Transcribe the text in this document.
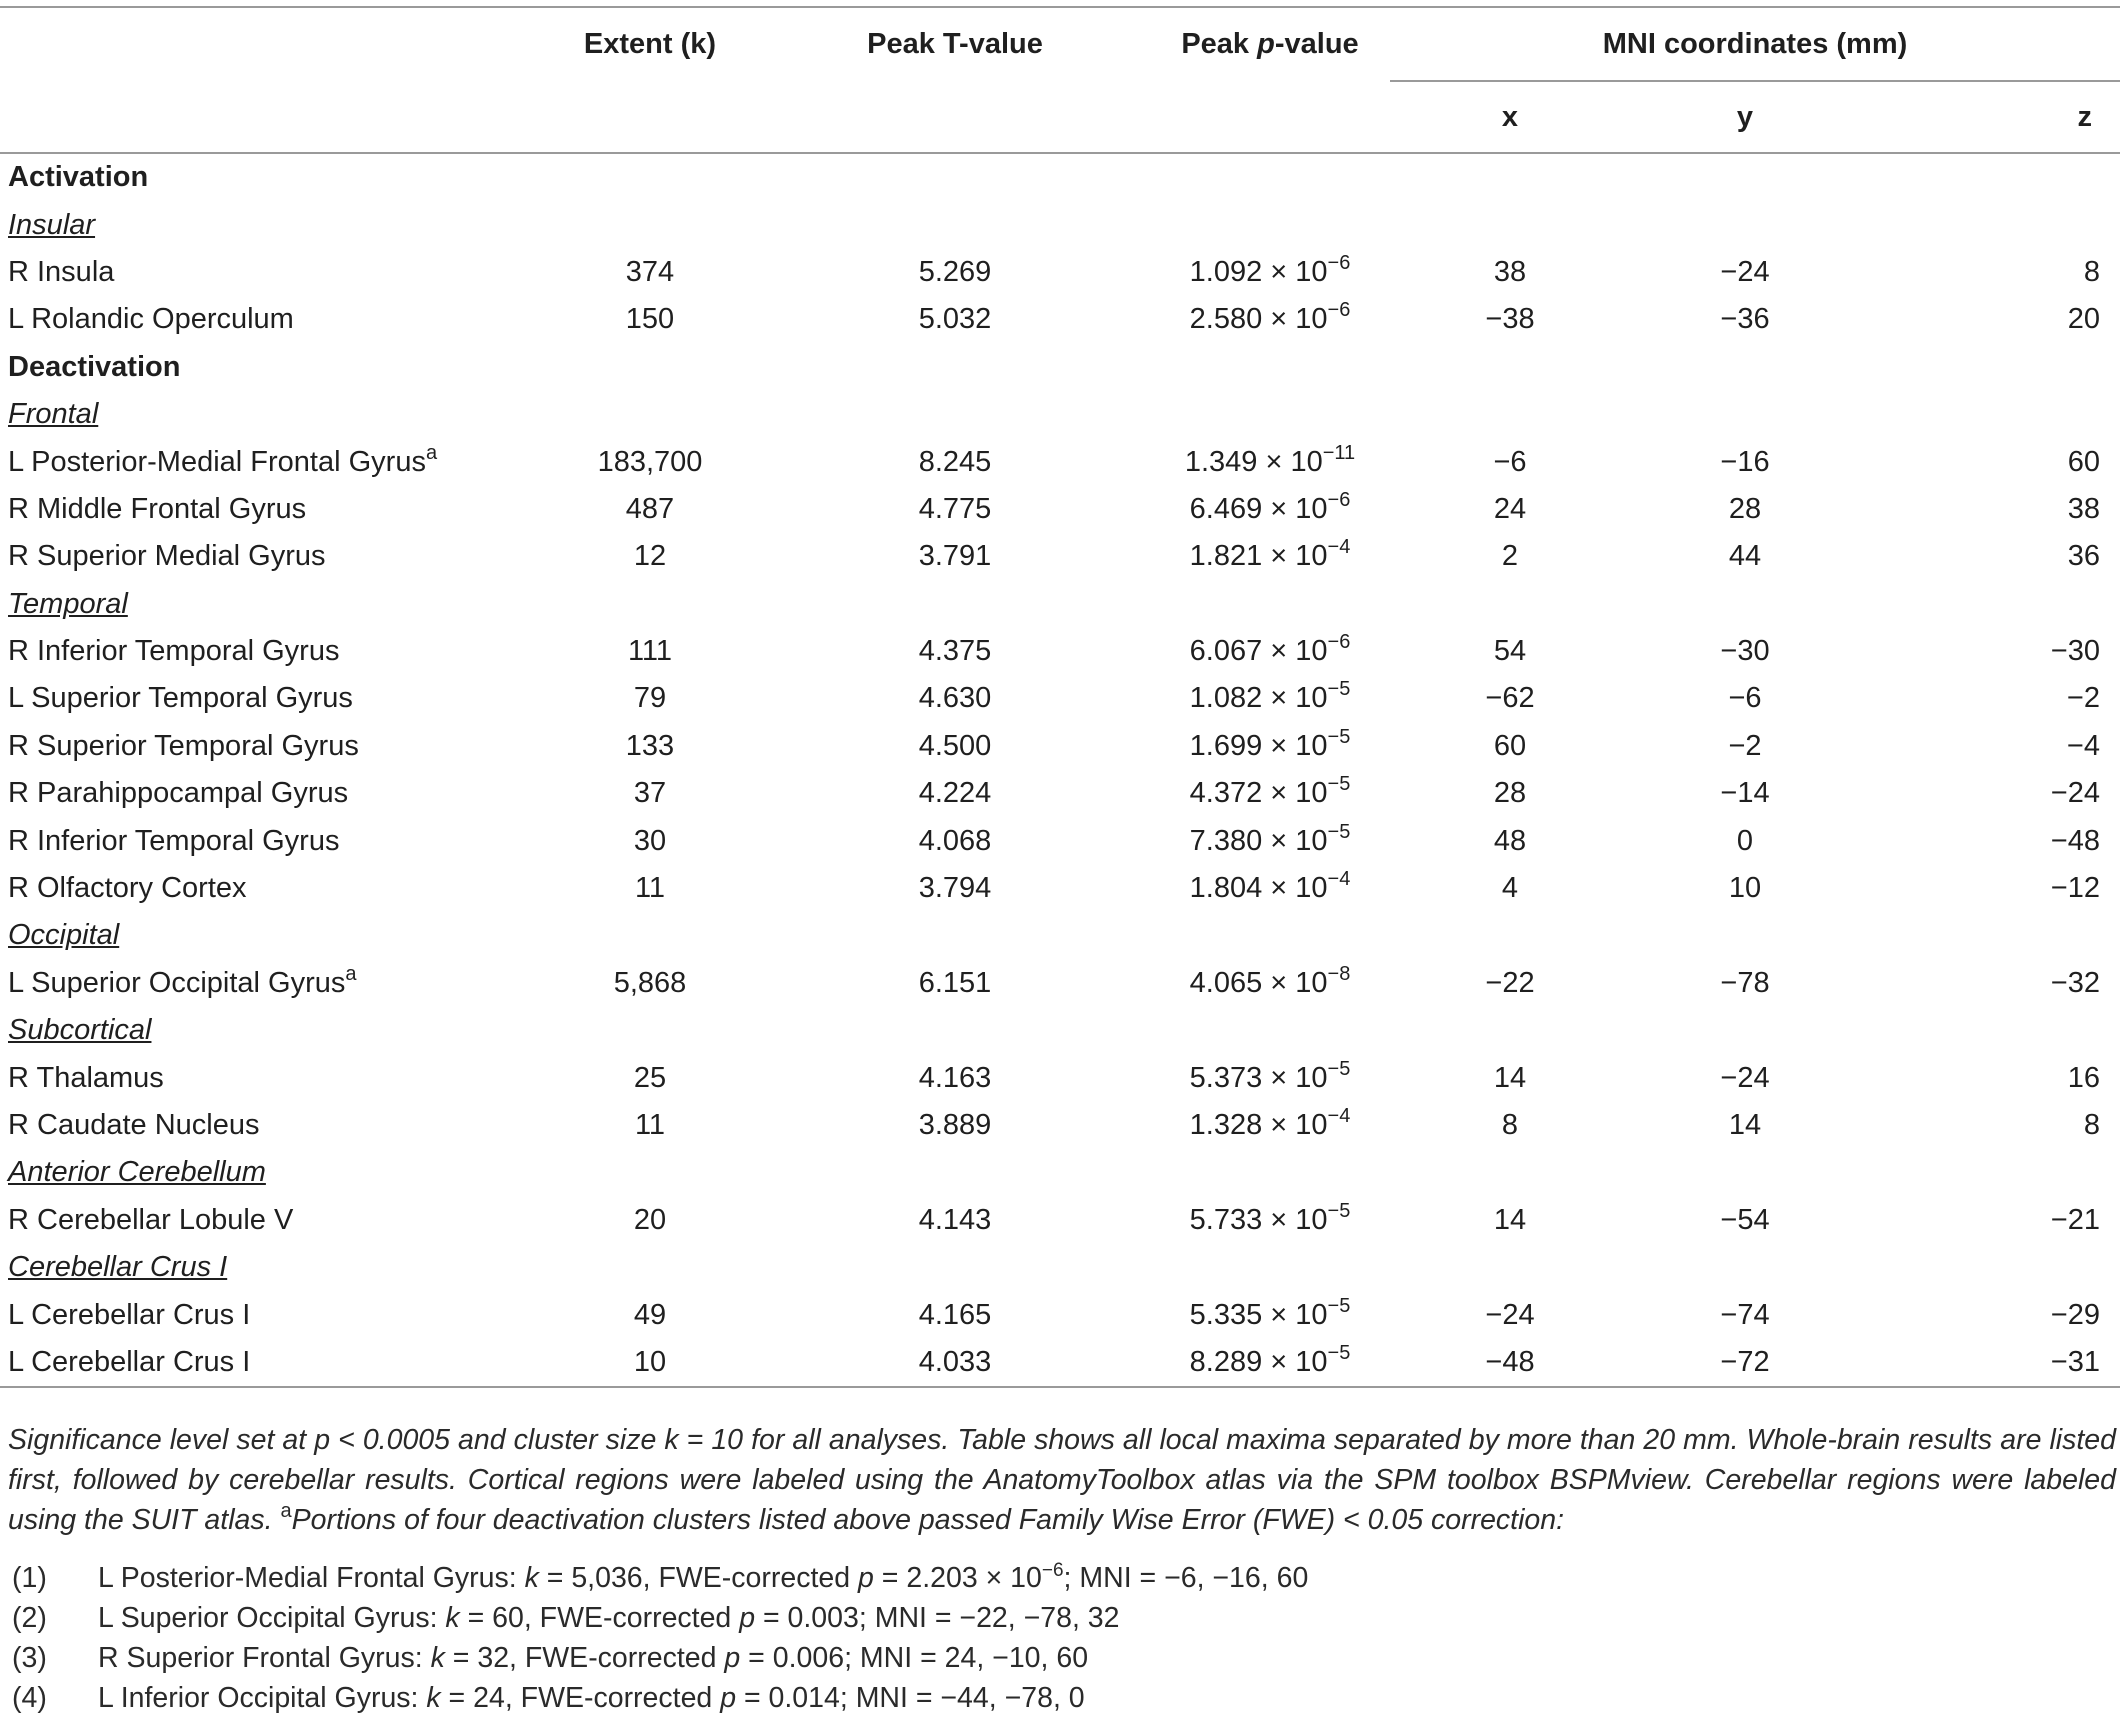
	Extent (k)	Peak T-value	Peak p-value	MNI coordinates (mm)		
				x	y	z

Activation						
Insular						
R Insula	374	5.269	$1.092 \times 10^{-6}$	38	−24	8
L Rolandic Operculum	150	5.032	$2.580 \times 10^{-6}$	−38	−36	20
Deactivation						
Frontal						
L Posterior-Medial Frontal Gyrus$^a$	183,700	8.245	$1.349 \times 10^{-11}$	−6	−16	60
R Middle Frontal Gyrus	487	4.775	$6.469 \times 10^{-6}$	24	28	38
R Superior Medial Gyrus	12	3.791	$1.821 \times 10^{-4}$	2	44	36
Temporal						
R Inferior Temporal Gyrus	111	4.375	$6.067 \times 10^{-6}$	54	−30	−30
L Superior Temporal Gyrus	79	4.630	$1.082 \times 10^{-5}$	−62	−6	−2
R Superior Temporal Gyrus	133	4.500	$1.699 \times 10^{-5}$	60	−2	−4
R Parahippocampal Gyrus	37	4.224	$4.372 \times 10^{-5}$	28	−14	−24
R Inferior Temporal Gyrus	30	4.068	$7.380 \times 10^{-5}$	48	0	−48
R Olfactory Cortex	11	3.794	$1.804 \times 10^{-4}$	4	10	−12
Occipital						
L Superior Occipital Gyrus$^a$	5,868	6.151	$4.065 \times 10^{-8}$	−22	−78	−32
Subcortical						
R Thalamus	25	4.163	$5.373 \times 10^{-5}$	14	−24	16
R Caudate Nucleus	11	3.889	$1.328 \times 10^{-4}$	8	14	8
Anterior Cerebellum						
R Cerebellar Lobule V	20	4.143	$5.733 \times 10^{-5}$	14	−54	−21
Cerebellar Crus I						
L Cerebellar Crus I	49	4.165	$5.335 \times 10^{-5}$	−24	−74	−29
L Cerebellar Crus I	10	4.033	$8.289 \times 10^{-5}$	−48	−72	−31

Significance level set at p < 0.0005 and cluster size k = 10 for all analyses. Table shows all local maxima separated by more than 20 mm. Whole-brain results are listed first, followed by cerebellar results. Cortical regions were labeled using the AnatomyToolbox atlas via the SPM toolbox BSPMview. Cerebellar regions were labeled using the SUIT atlas. $^a$Portions of four deactivation clusters listed above passed Family Wise Error (FWE) < 0.05 correction:
(1) L Posterior-Medial Frontal Gyrus: k = 5,036, FWE-corrected $p = 2.203 \times 10^{-6}$; MNI = −6, −16, 60
(2) L Superior Occipital Gyrus: k = 60, FWE-corrected p = 0.003; MNI = −22, −78, 32
(3) R Superior Frontal Gyrus: k = 32, FWE-corrected p = 0.006; MNI = 24, −10, 60
(4) L Inferior Occipital Gyrus: k = 24, FWE-corrected p = 0.014; MNI = −44, −78, 0
